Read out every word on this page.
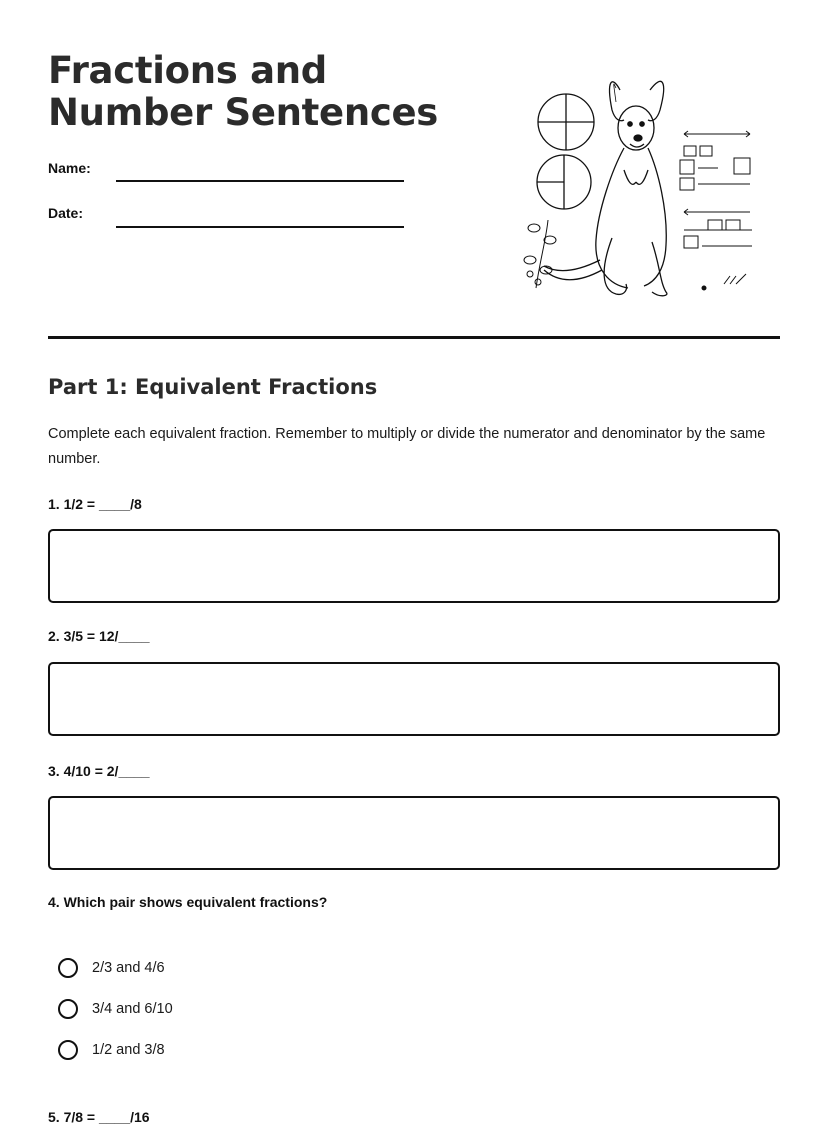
Fractions and Number Sentences
Name:
Date:
Part 1: Equivalent Fractions

Complete each equivalent fraction. Remember to multiply or divide the numerator and denominator by the same number.

1. 1/2 = ____/8
2. 3/5 = 12/____
3. 4/10 = 2/____
4. Which pair shows equivalent fractions?
2/3 and 4/6
3/4 and 6/10
1/2 and 3/8
5. 7/8 = ____/16
